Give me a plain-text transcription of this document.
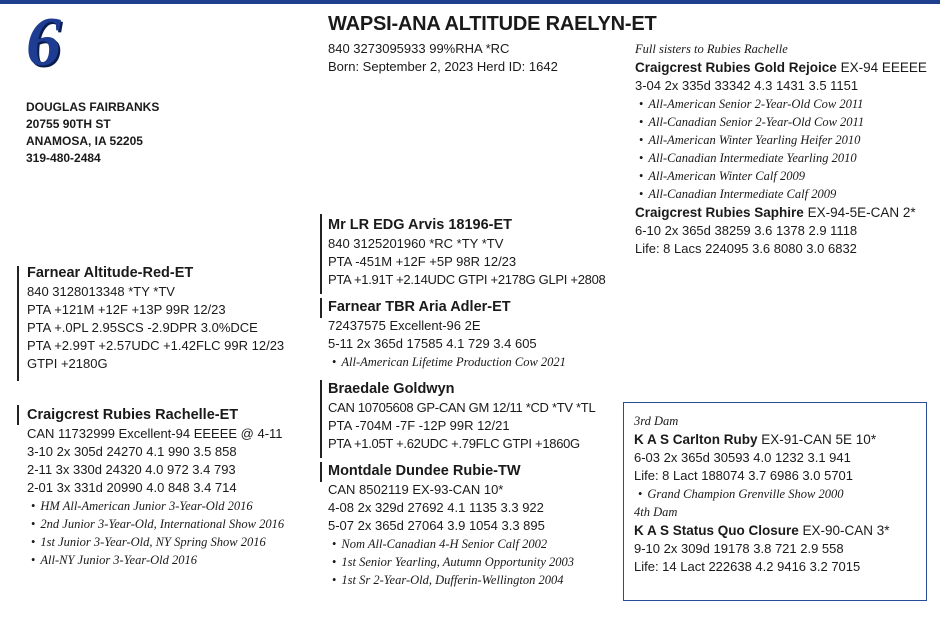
6
DOUGLAS FAIRBANKS
20755 90TH ST
ANAMOSA, IA 52205
319-480-2484
WAPSI-ANA ALTITUDE RAELYN-ET
840 3273095933 99%RHA *RC
Born: September 2, 2023 Herd ID: 1642
Farnear Altitude-Red-ET
840 3128013348 *TY *TV
PTA +121M +12F +13P 99R 12/23
PTA +.0PL 2.95SCS -2.9DPR 3.0%DCE
PTA +2.99T +2.57UDC +1.42FLC 99R 12/23
GTPI +2180G
Craigcrest Rubies Rachelle-ET
CAN 11732999 Excellent-94 EEEEE @ 4-11
3-10 2x 305d 24270 4.1 990 3.5 858
2-11 3x 330d 24320 4.0 972 3.4 793
2-01 3x 331d 20990 4.0 848 3.4 714
• HM All-American Junior 3-Year-Old 2016
• 2nd Junior 3-Year-Old, International Show 2016
• 1st Junior 3-Year-Old, NY Spring Show 2016
• All-NY Junior 3-Year-Old 2016
Mr LR EDG Arvis 18196-ET
840 3125201960 *RC *TY *TV
PTA -451M +12F +5P 98R 12/23
PTA +1.91T +2.14UDC GTPI +2178G GLPI +2808
Farnear TBR Aria Adler-ET
72437575 Excellent-96 2E
5-11 2x 365d 17585 4.1 729 3.4 605
• All-American Lifetime Production Cow 2021
Braedale Goldwyn
CAN 10705608 GP-CAN GM 12/11 *CD *TV *TL
PTA -704M -7F -12P 99R 12/21
PTA +1.05T +.62UDC +.79FLC GTPI +1860G
Montdale Dundee Rubie-TW
CAN 8502119 EX-93-CAN 10*
4-08 2x 329d 27692 4.1 1135 3.3 922
5-07 2x 365d 27064 3.9 1054 3.3 895
• Nom All-Canadian 4-H Senior Calf 2002
• 1st Senior Yearling, Autumn Opportunity 2003
• 1st Sr 2-Year-Old, Dufferin-Wellington 2004
Full sisters to Rubies Rachelle
Craigcrest Rubies Gold Rejoice EX-94 EEEEE
3-04 2x 335d 33342 4.3 1431 3.5 1151
• All-American Senior 2-Year-Old Cow 2011
• All-Canadian Senior 2-Year-Old Cow 2011
• All-American Winter Yearling Heifer 2010
• All-Canadian Intermediate Yearling 2010
• All-American Winter Calf 2009
• All-Canadian Intermediate Calf 2009
Craigcrest Rubies Saphire EX-94-5E-CAN 2*
6-10 2x 365d 38259 3.6 1378 2.9 1118
Life: 8 Lacs 224095 3.6 8080 3.0 6832
3rd Dam
K A S Carlton Ruby EX-91-CAN 5E 10*
6-03 2x 365d 30593 4.0 1232 3.1 941
Life: 8 Lact 188074 3.7 6986 3.0 5701
• Grand Champion Grenville Show 2000
4th Dam
K A S Status Quo Closure EX-90-CAN 3*
9-10 2x 309d 19178 3.8 721 2.9 558
Life: 14 Lact 222638 4.2 9416 3.2 7015
